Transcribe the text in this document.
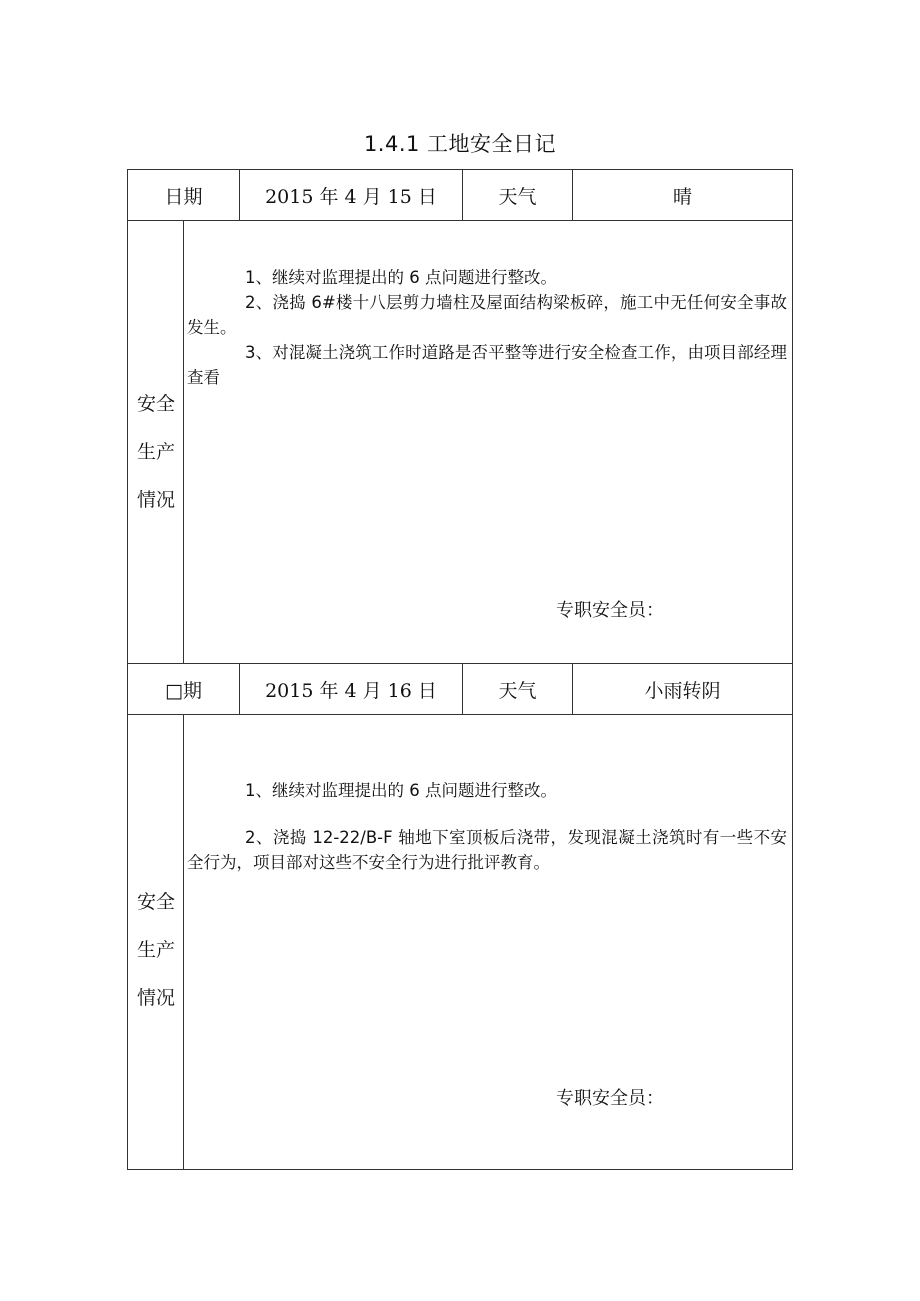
1.4.1 工地安全日记
日期	2015 年 4 月 15 日	天气	晴
安全
生产
情况

1、继续对监理提出的 6 点问题进行整改。

2、浇捣 6#楼十八层剪力墙柱及屋面结构梁板碎，施工中无任何安全事故发生。

3、对混凝土浇筑工作时道路是否平整等进行安全检查工作，由项目部经理查看

专职安全员：
□期	2015 年 4 月 16 日	天气	小雨转阴
安全
生产
情况

1、继续对监理提出的 6 点问题进行整改。

2、浇捣 12-22/B-F 轴地下室顶板后浇带，发现混凝土浇筑时有一些不安全行为，项目部对这些不安全行为进行批评教育。

专职安全员：
